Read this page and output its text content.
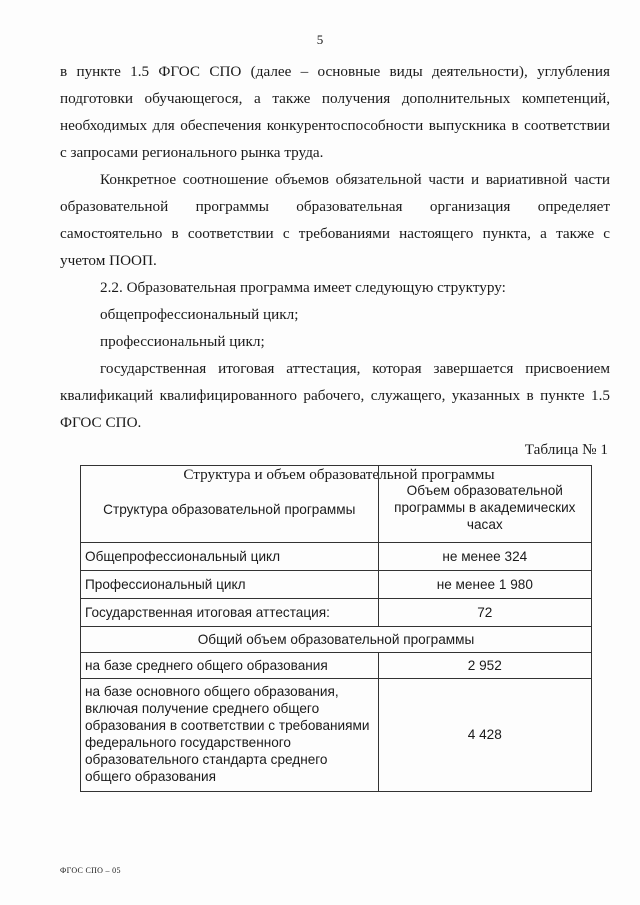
5

в пункте 1.5 ФГОС СПО (далее – основные виды деятельности), углубления подготовки обучающегося, а также получения дополнительных компетенций, необходимых для обеспечения конкурентоспособности выпускника в соответствии с запросами регионального рынка труда.

Конкретное соотношение объемов обязательной части и вариативной части образовательной программы образовательная организация определяет самостоятельно в соответствии с требованиями настоящего пункта, а также с учетом ПООП.

2.2. Образовательная программа имеет следующую структуру:

общепрофессиональный цикл;

профессиональный цикл;

государственная итоговая аттестация, которая завершается присвоением квалификаций квалифицированного рабочего, служащего, указанных в пункте 1.5 ФГОС СПО.

Таблица № 1

Структура и объем образовательной программы

Структура образовательной программы	Объем образовательной программы в академических часах
Общепрофессиональный цикл	не менее 324
Профессиональный цикл	не менее 1 980
Государственная итоговая аттестация:	72
Общий объем образовательной программы	
на базе среднего общего образования	2 952
на базе основного общего образования, включая получение среднего общего образования в соответствии с требованиями федерального государственного образовательного стандарта среднего общего образования	4 428
ФГОС СПО – 05
